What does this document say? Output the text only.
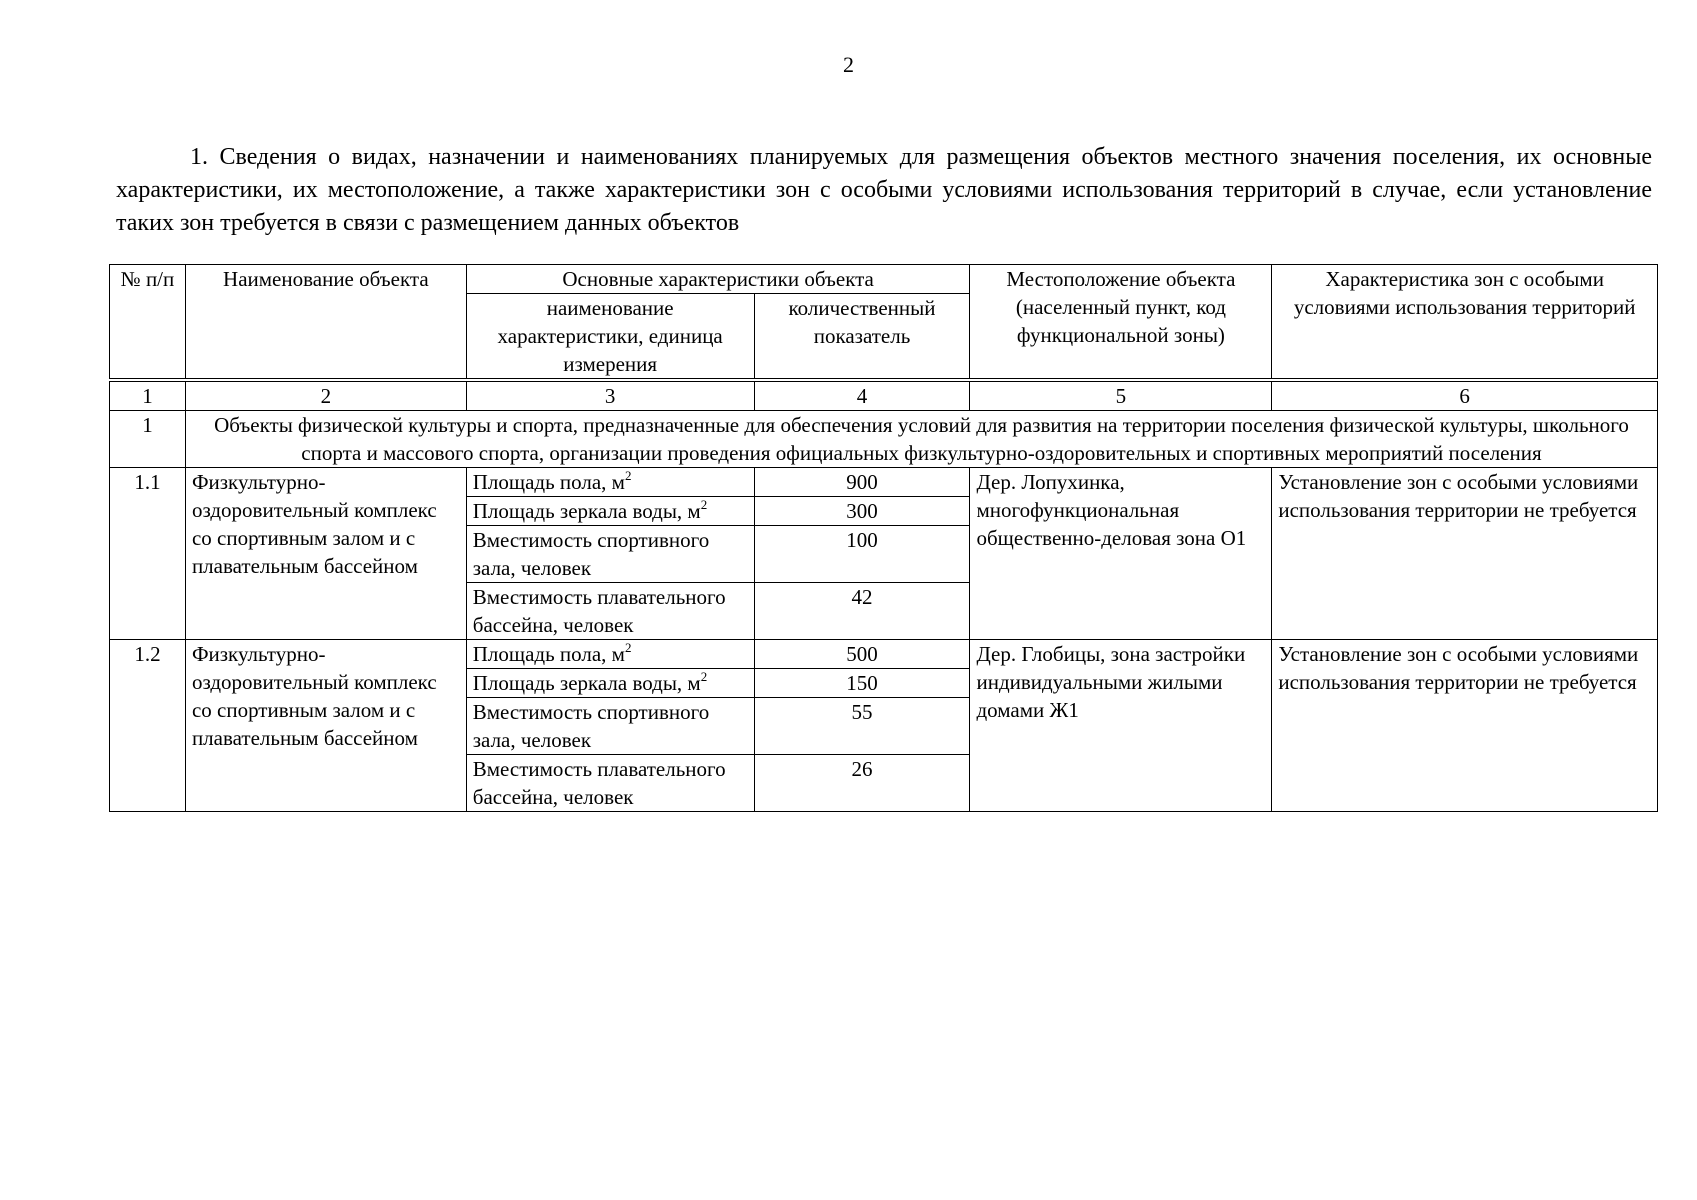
2

1. Сведения о видах, назначении и наименованиях планируемых для размещения объектов местного значения поселения, их основные характеристики, их местоположение, а также характеристики зон с особыми условиями использования территорий в случае, если установление таких зон требуется в связи с размещением данных объектов

№ п/п	Наименование объекта	Основные характеристики объекта		Местоположение объекта (населенный пункт, код функциональной зоны)	Характеристика зон с особыми условиями использования территорий
		наименование характеристики, единица измерения	количественный показатель		
1	2	3	4	5	6
1	Объекты физической культуры и спорта, предназначенные для обеспечения условий для развития на территории поселения физической культуры, школьного спорта и массового спорта, организации проведения официальных физкультурно-оздоровительных и спортивных мероприятий поселения				
1.1	Физкультурно-оздоровительный комплекс со спортивным залом и с плавательным бассейном	Площадь пола, $м^2$	900	Дер. Лопухинка, многофункциональная общественно-деловая зона О1	Установление зон с особыми условиями использования территории не требуется
		Площадь зеркала воды, $м^2$	300		
		Вместимость спортивного зала, человек	100		
		Вместимость плавательного бассейна, человек	42		
1.2	Физкультурно-оздоровительный комплекс со спортивным залом и с плавательным бассейном	Площадь пола, $м^2$	500	Дер. Глобицы, зона застройки индивидуальными жилыми домами Ж1	Установление зон с особыми условиями использования территории не требуется
		Площадь зеркала воды, $м^2$	150		
		Вместимость спортивного зала, человек	55		
		Вместимость плавательного бассейна, человек	26		
